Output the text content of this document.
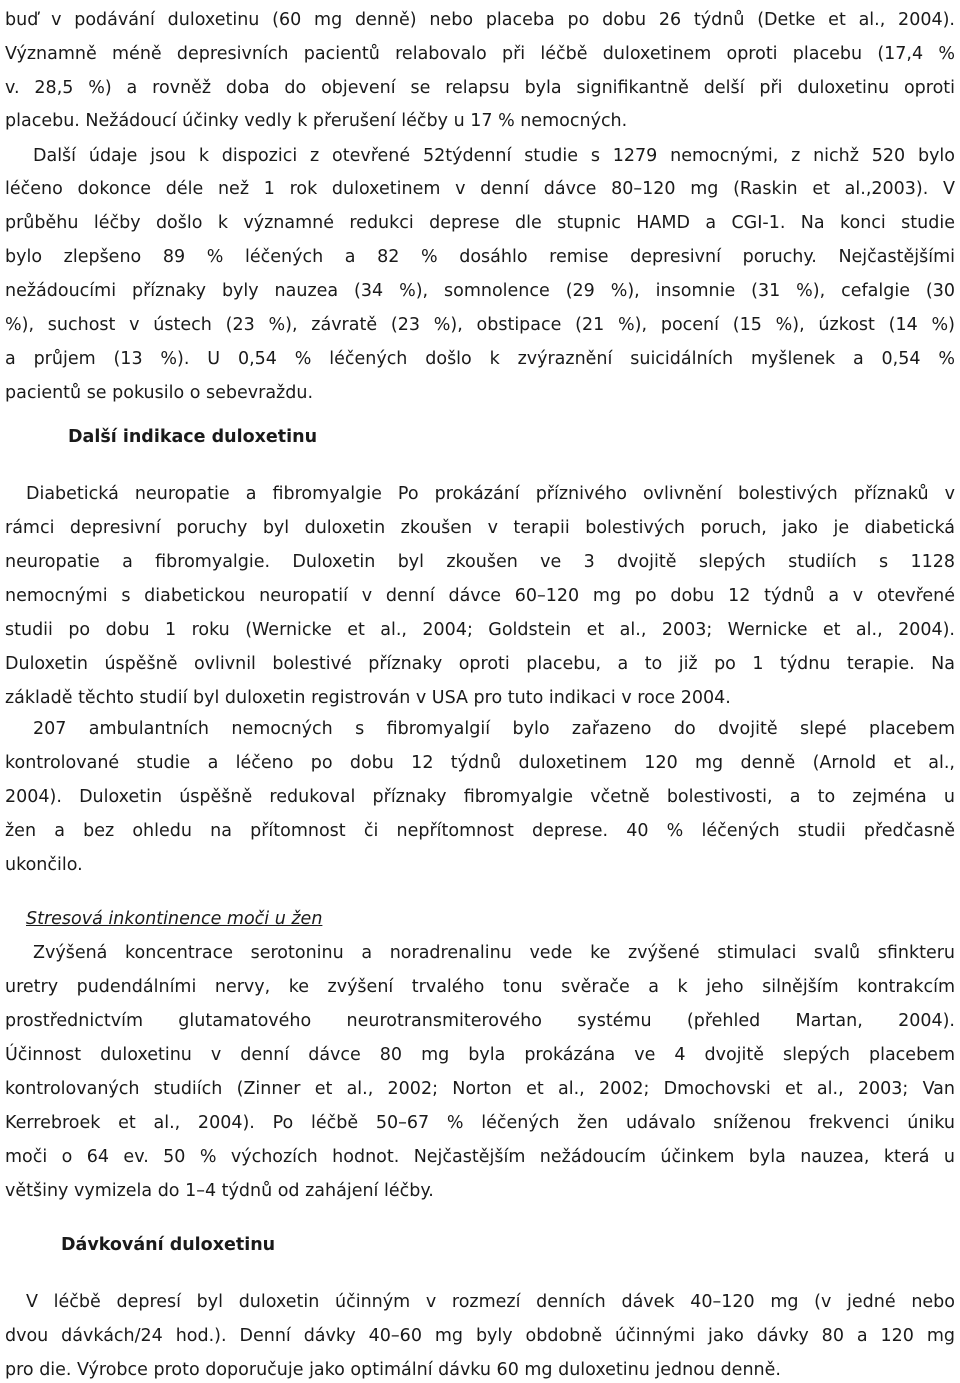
buď v podávání duloxetinu (60 mg denně) nebo placeba po dobu 26 týdnů (Detke et al., 2004).
Významně méně depresivních pacientů relabovalo při léčbě duloxetinem oproti placebu (17,4 %
v. 28,5 %) a rovněž doba do objevení se relapsu byla signifikantně delší při duloxetinu oproti
placebu. Nežádoucí účinky vedly k přerušení léčby u 17 % nemocných.
Další údaje jsou k dispozici z otevřené 52týdenní studie s 1279 nemocnými, z nichž 520 bylo
léčeno dokonce déle než 1 rok duloxetinem v denní dávce 80–120 mg (Raskin et al.,2003). V
průběhu léčby došlo k významné redukci deprese dle stupnic HAMD a CGI-1. Na konci studie
bylo zlepšeno 89 % léčených a 82 % dosáhlo remise depresivní poruchy. Nejčastějšími
nežádoucími příznaky byly nauzea (34 %), somnolence (29 %), insomnie (31 %), cefalgie (30
%), suchost v ústech (23 %), závratě (23 %), obstipace (21 %), pocení (15 %), úzkost (14 %)
a průjem (13 %). U 0,54 % léčených došlo k zvýraznění suicidálních myšlenek a 0,54 %
pacientů se pokusilo o sebevraždu.
Další indikace duloxetinu
Diabetická neuropatie a fibromyalgie Po prokázání příznivého ovlivnění bolestivých příznaků v
rámci depresivní poruchy byl duloxetin zkoušen v terapii bolestivých poruch, jako je diabetická
neuropatie a fibromyalgie. Duloxetin byl zkoušen ve 3 dvojitě slepých studiích s 1128
nemocnými s diabetickou neuropatií v denní dávce 60–120 mg po dobu 12 týdnů a v otevřené
studii po dobu 1 roku (Wernicke et al., 2004; Goldstein et al., 2003; Wernicke et al., 2004).
Duloxetin úspěšně ovlivnil bolestivé příznaky oproti placebu, a to již po 1 týdnu terapie. Na
základě těchto studií byl duloxetin registrován v USA pro tuto indikaci v roce 2004.
207 ambulantních nemocných s fibromyalgií bylo zařazeno do dvojitě slepé placebem
kontrolované studie a léčeno po dobu 12 týdnů duloxetinem 120 mg denně (Arnold et al.,
2004). Duloxetin úspěšně redukoval příznaky fibromyalgie včetně bolestivosti, a to zejména u
žen a bez ohledu na přítomnost či nepřítomnost deprese. 40 % léčených studii předčasně
ukončilo.
Stresová inkontinence moči u žen
Zvýšená koncentrace serotoninu a noradrenalinu vede ke zvýšené stimulaci svalů sfinkteru
uretry pudendálními nervy, ke zvýšení trvalého tonu svěrače a k jeho silnějším kontrakcím
prostřednictvím glutamatového neurotransmiterového systému (přehled Martan, 2004).
Účinnost duloxetinu v denní dávce 80 mg byla prokázána ve 4 dvojitě slepých placebem
kontrolovaných studiích (Zinner et al., 2002; Norton et al., 2002; Dmochovski et al., 2003; Van
Kerrebroek et al., 2004). Po léčbě 50–67 % léčených žen udávalo sníženou frekvenci úniku
moči o 64 ev. 50 % výchozích hodnot. Nejčastějším nežádoucím účinkem byla nauzea, která u
většiny vymizela do 1–4 týdnů od zahájení léčby.
Dávkování duloxetinu
V léčbě depresí byl duloxetin účinným v rozmezí denních dávek 40–120 mg (v jedné nebo
dvou dávkách/24 hod.). Denní dávky 40–60 mg byly obdobně účinnými jako dávky 80 a 120 mg
pro die. Výrobce proto doporučuje jako optimální dávku 60 mg duloxetinu jednou denně.
